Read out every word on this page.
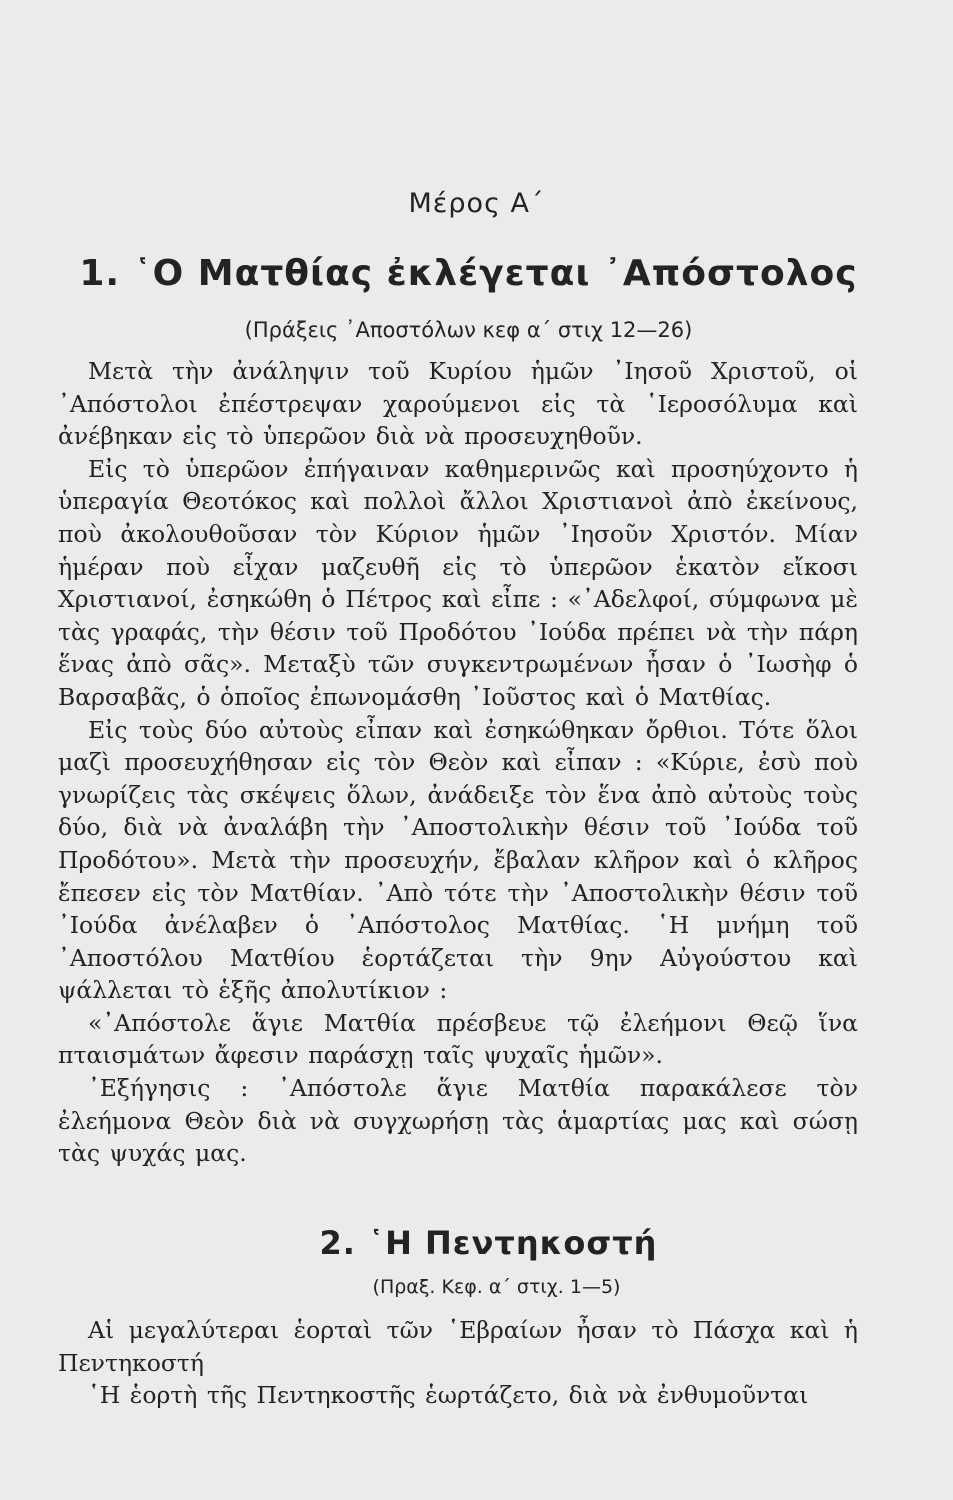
Μέρος Α΄
1. ῾Ο Ματθίας ἐκλέγεται ᾿Απόστολος
(Πράξεις ᾿Αποστόλων κεφ α΄ στιχ 12—26)

Μετὰ τὴν ἀνάληψιν τοῦ Κυρίου ἡμῶν ᾿Ιησοῦ Χριστοῦ, οἱ ᾿Απόστολοι ἐπέστρεψαν χαρούμενοι εἰς τὰ ῾Ιεροσόλυμα καὶ ἀνέβηκαν εἰς τὸ ὑπερῶον διὰ νὰ προσευχηθοῦν.

Εἰς τὸ ὑπερῶον ἐπήγαιναν καθημερινῶς καὶ προσηύχοντο ἡ ὑπεραγία Θεοτόκος καὶ πολλοὶ ἄλλοι Χριστιανοὶ ἀπὸ ἐκείνους, ποὺ ἀκολουθοῦσαν τὸν Κύριον ἡμῶν ᾿Ιησοῦν Χριστόν. Μίαν ἡμέραν ποὺ εἶχαν μαζευθῆ εἰς τὸ ὑπερῶον ἑκατὸν εἴκοσι Χριστιανοί, ἐσηκώθη ὁ Πέτρος καὶ εἶπε : «᾿Αδελφοί, σύμφωνα μὲ τὰς γραφάς, τὴν θέσιν τοῦ Προδότου ᾿Ιούδα πρέπει νὰ τὴν πάρη ἕνας ἀπὸ σᾶς». Μεταξὺ τῶν συγκεντρωμένων ἦσαν ὁ ᾿Ιωσὴφ ὁ Βαρσαβᾶς, ὁ ὁποῖος ἐπωνομάσθη ᾿Ιοῦστος καὶ ὁ Ματθίας.

Εἰς τοὺς δύο αὐτοὺς εἶπαν καὶ ἐσηκώθηκαν ὄρθιοι. Τότε ὅλοι μαζὶ προσευχήθησαν εἰς τὸν Θεὸν καὶ εἶπαν : «Κύριε, ἐσὺ ποὺ γνωρίζεις τὰς σκέψεις ὅλων, ἀνάδειξε τὸν ἕνα ἀπὸ αὐτοὺς τοὺς δύο, διὰ νὰ ἀναλάβη τὴν ᾿Αποστολικὴν θέσιν τοῦ ᾿Ιούδα τοῦ Προδότου». Μετὰ τὴν προσευχήν, ἔβαλαν κλῆρον καὶ ὁ κλῆρος ἔπεσεν εἰς τὸν Ματθίαν. ᾿Απὸ τότε τὴν ᾿Αποστολικὴν θέσιν τοῦ ᾿Ιούδα ἀνέλαβεν ὁ ᾿Απόστολος Ματθίας. ῾Η μνήμη τοῦ ᾿Αποστόλου Ματθίου ἑορτάζεται τὴν 9ην Αὐγούστου καὶ ψάλλεται τὸ ἑξῆς ἀπολυτίκιον :

«᾿Απόστολε ἅγιε Ματθία πρέσβευε τῷ ἐλεήμονι Θεῷ ἵνα πταισμάτων ἄφεσιν παράσχῃ ταῖς ψυχαῖς ἡμῶν».

᾿Εξήγησις : ᾿Απόστολε ἅγιε Ματθία παρακάλεσε τὸν ἐλεήμονα Θεὸν διὰ νὰ συγχωρήσῃ τὰς ἁμαρτίας μας καὶ σώσῃ τὰς ψυχάς μας.

2. ῾Η Πεντηκοστή
(Πραξ. Κεφ. α΄ στιχ. 1—5)

Αἱ μεγαλύτεραι ἑορταὶ τῶν ῾Εβραίων ἦσαν τὸ Πάσχα καὶ ἡ Πεντηκοστή

῾Η ἑορτὴ τῆς Πεντηκοστῆς ἑωρτάζετο, διὰ νὰ ἐνθυμοῦνται
